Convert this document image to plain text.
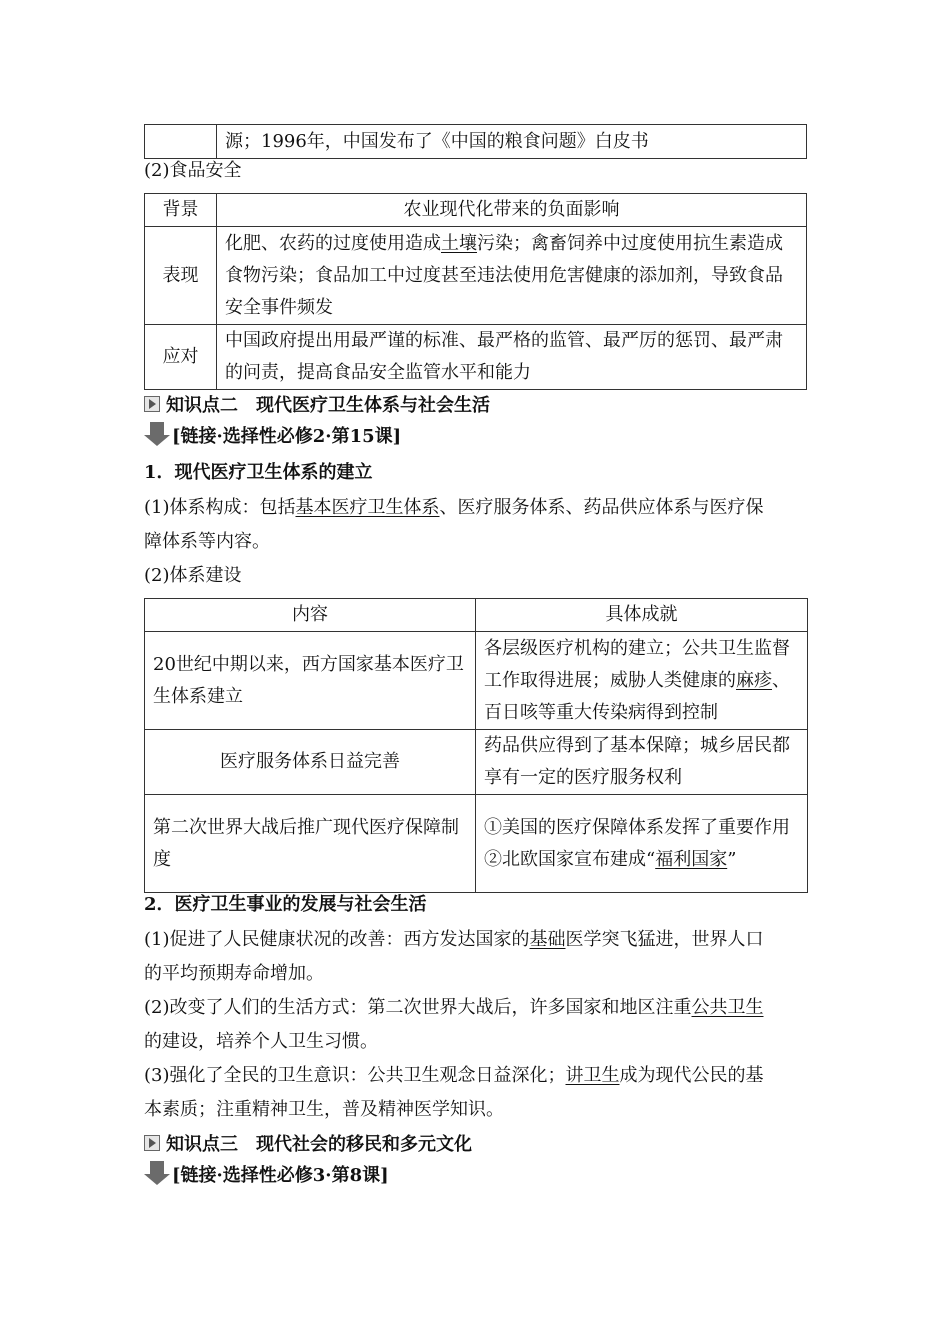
	源；1996年，中国发布了《中国的粮食问题》白皮书
(2)食品安全
背景	农业现代化带来的负面影响
表现	化肥、农药的过度使用造成土壤污染；禽畜饲养中过度使用抗生素造成食物污染；食品加工中过度甚至违法使用危害健康的添加剂，导致食品安全事件频发
应对	中国政府提出用最严谨的标准、最严格的监管、最严厉的惩罚、最严肃的问责，提高食品安全监管水平和能力
知识点二　现代医疗卫生体系与社会生活
[链接·选择性必修2·第15课]
1．现代医疗卫生体系的建立
(1)体系构成：包括基本医疗卫生体系、医疗服务体系、药品供应体系与医疗保
障体系等内容。
(2)体系建设
内容	具体成就
20世纪中期以来，西方国家基本医疗卫生体系建立	各层级医疗机构的建立；公共卫生监督工作取得进展；威胁人类健康的麻疹、百日咳等重大传染病得到控制
医疗服务体系日益完善	药品供应得到了基本保障；城乡居民都享有一定的医疗服务权利
第二次世界大战后推广现代医疗保障制度	①美国的医疗保障体系发挥了重要作用
②北欧国家宣布建成“福利国家”
2．医疗卫生事业的发展与社会生活
(1)促进了人民健康状况的改善：西方发达国家的基础医学突飞猛进，世界人口
的平均预期寿命增加。
(2)改变了人们的生活方式：第二次世界大战后，许多国家和地区注重公共卫生
的建设，培养个人卫生习惯。
(3)强化了全民的卫生意识：公共卫生观念日益深化；讲卫生成为现代公民的基
本素质；注重精神卫生，普及精神医学知识。
知识点三　现代社会的移民和多元文化
[链接·选择性必修3·第8课]
